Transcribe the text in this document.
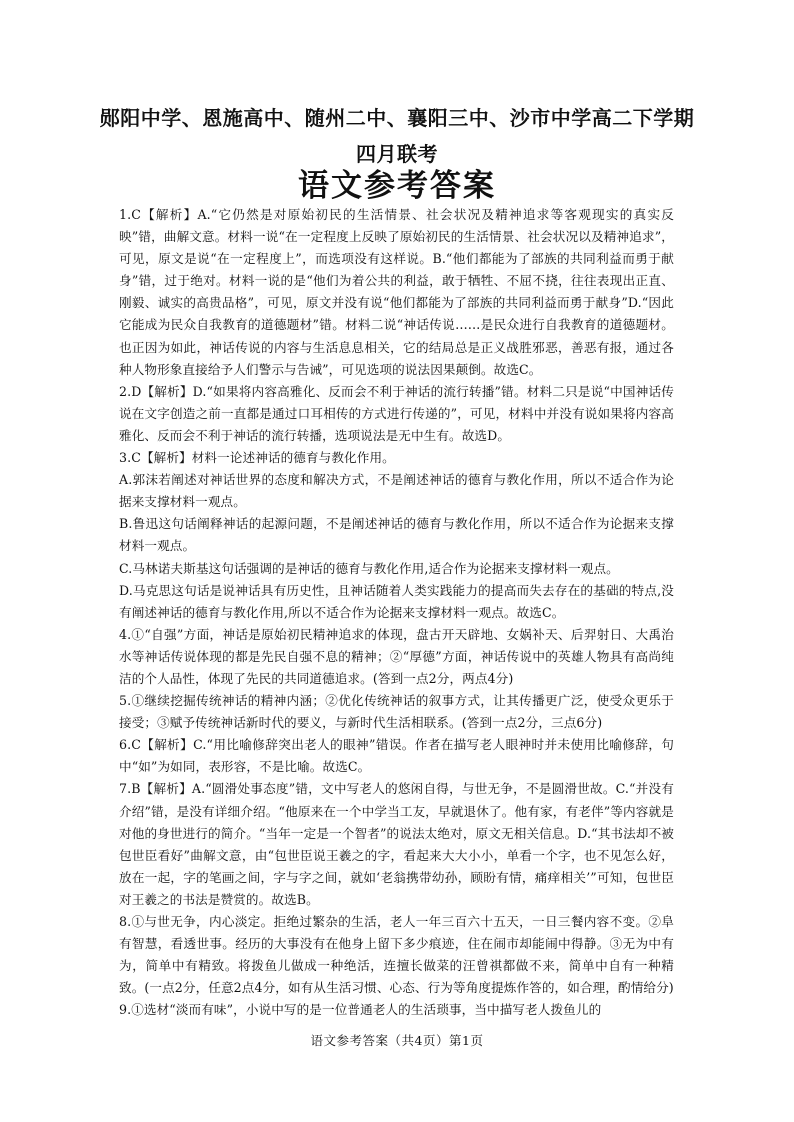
郧阳中学、恩施高中、随州二中、襄阳三中、沙市中学高二下学期
四月联考
语文参考答案

1.C【解析】A.“它仍然是对原始初民的生活情景、社会状况及精神追求等客观现实的真实反映”错，曲解文意。材料一说“在一定程度上反映了原始初民的生活情景、社会状况以及精神追求”，可见，原文是说“在一定程度上”，而选项没有这样说。B.“他们都能为了部族的共同利益而勇于献身”错，过于绝对。材料一说的是“他们为着公共的利益，敢于牺牲、不屈不挠，往往表现出正直、刚毅、诚实的高贵品格”，可见，原文并没有说“他们都能为了部族的共同利益而勇于献身”D.“因此它能成为民众自我教育的道德题材”错。材料二说“神话传说……是民众进行自我教育的道德题材。也正因为如此，神话传说的内容与生活息息相关，它的结局总是正义战胜邪恶，善恶有报，通过各种人物形象直接给予人们警示与告诫”，可见选项的说法因果颠倒。故选C。

2.D【解析】D.“如果将内容高雅化、反而会不利于神话的流行转播”错。材料二只是说“中国神话传说在文字创造之前一直都是通过口耳相传的方式进行传递的”，可见，材料中并没有说如果将内容高雅化、反而会不利于神话的流行转播，选项说法是无中生有。故选D。

3.C【解析】材料一论述神话的德育与教化作用。

A.郭沫若阐述对神话世界的态度和解决方式，不是阐述神话的德育与教化作用，所以不适合作为论据来支撑材料一观点。

B.鲁迅这句话阐释神话的起源问题，不是阐述神话的德育与教化作用，所以不适合作为论据来支撑材料一观点。

C.马林诺夫斯基这句话强调的是神话的德育与教化作用,适合作为论据来支撑材料一观点。

D.马克思这句话是说神话具有历史性，且神话随着人类实践能力的提高而失去存在的基础的特点,没有阐述神话的德育与教化作用,所以不适合作为论据来支撑材料一观点。故选C。

4.①“自强”方面，神话是原始初民精神追求的体现，盘古开天辟地、女娲补天、后羿射日、大禹治水等神话传说体现的都是先民自强不息的精神；②“厚德”方面，神话传说中的英雄人物具有高尚纯洁的个人品性，体现了先民的共同道德追求。(答到一点2分，两点4分)

5.①继续挖掘传统神话的精神内涵；②优化传统神话的叙事方式，让其传播更广泛，使受众更乐于接受；③赋予传统神话新时代的要义，与新时代生活相联系。(答到一点2分，三点6分)

6.C【解析】C.“用比喻修辞突出老人的眼神”错误。作者在描写老人眼神时并未使用比喻修辞，句中“如”为如同，表形容，不是比喻。故选C。

7.B【解析】A.“圆滑处事态度”错，文中写老人的悠闲自得，与世无争，不是圆滑世故。C.“并没有介绍”错，是没有详细介绍。“他原来在一个中学当工友，早就退休了。他有家，有老伴”等内容就是对他的身世进行的简介。“当年一定是一个智者”的说法太绝对，原文无相关信息。D.“其书法却不被包世臣看好”曲解文意，由“包世臣说王羲之的字，看起来大大小小，单看一个字，也不见怎么好，放在一起，字的笔画之间，字与字之间，就如‘老翁携带幼孙，顾盼有情，痛痒相关’”可知，包世臣对王羲之的书法是赞赏的。故选B。

8.①与世无争，内心淡定。拒绝过繁杂的生活，老人一年三百六十五天，一日三餐内容不变。②阜有智慧，看透世事。经历的大事没有在他身上留下多少痕迹，住在闹市却能闹中得静。③无为中有为，简单中有精致。将拨鱼儿做成一种绝活，连擅长做菜的汪曾祺都做不来，简单中自有一种精致。(一点2分，任意2点4分，如有从生活习惯、心态、行为等角度提炼作答的，如合理，酌情给分)

9.①选材“淡而有味”，小说中写的是一位普通老人的生活琐事，当中描写老人拨鱼儿的

语文参考答案（共4页）第1页
